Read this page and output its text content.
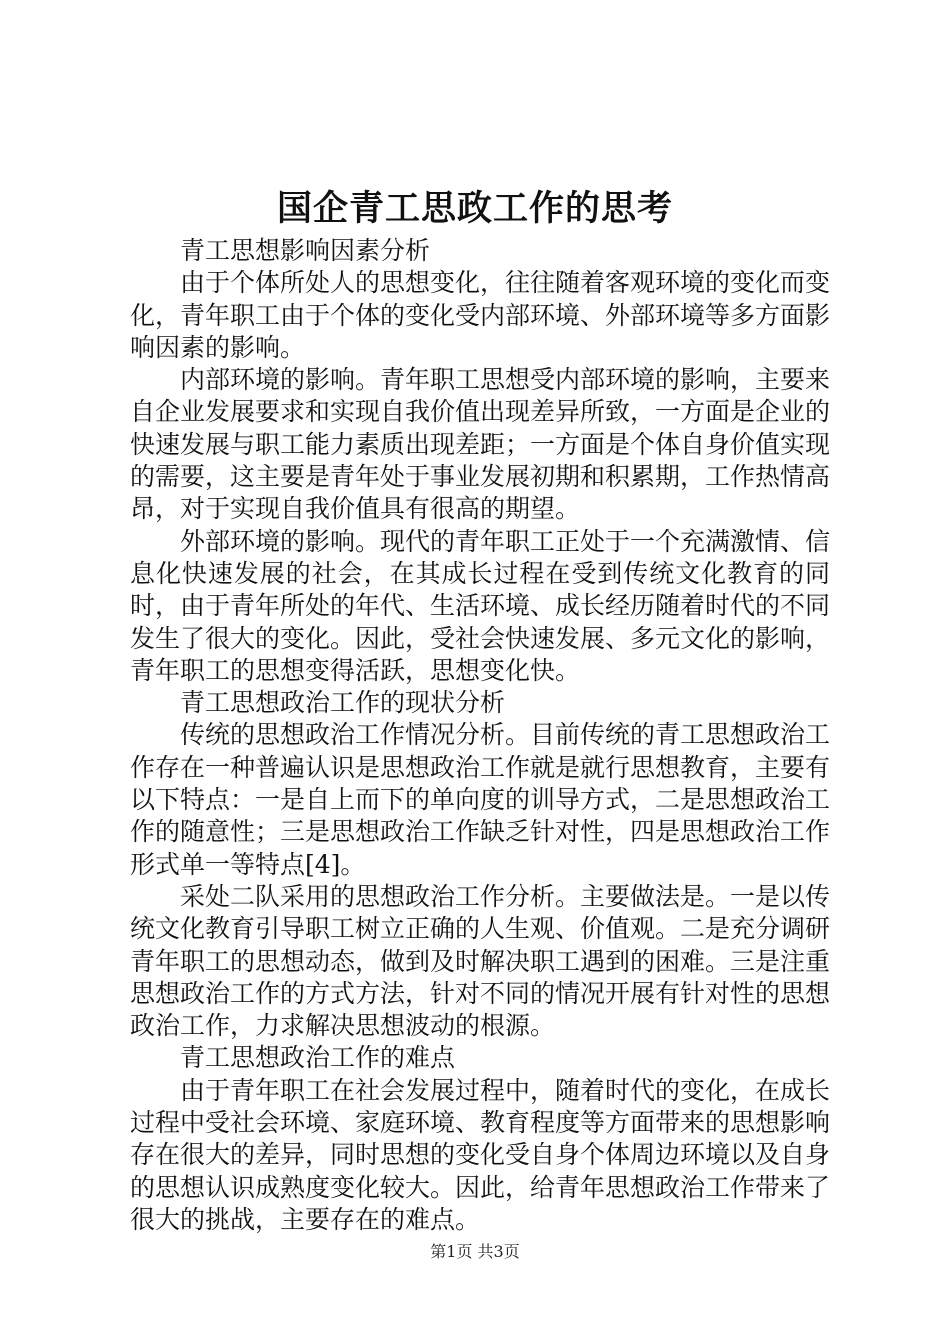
国企青工思政工作的思考

青工思想影响因素分析

由于个体所处人的思想变化，往往随着客观环境的变化而变化，青年职工由于个体的变化受内部环境、外部环境等多方面影响因素的影响。

内部环境的影响。青年职工思想受内部环境的影响，主要来自企业发展要求和实现自我价值出现差异所致，一方面是企业的快速发展与职工能力素质出现差距；一方面是个体自身价值实现的需要，这主要是青年处于事业发展初期和积累期，工作热情高昂，对于实现自我价值具有很高的期望。

外部环境的影响。现代的青年职工正处于一个充满激情、信息化快速发展的社会，在其成长过程在受到传统文化教育的同时，由于青年所处的年代、生活环境、成长经历随着时代的不同发生了很大的变化。因此，受社会快速发展、多元文化的影响，青年职工的思想变得活跃，思想变化快。

青工思想政治工作的现状分析

传统的思想政治工作情况分析。目前传统的青工思想政治工作存在一种普遍认识是思想政治工作就是就行思想教育，主要有以下特点：一是自上而下的单向度的训导方式，二是思想政治工作的随意性；三是思想政治工作缺乏针对性，四是思想政治工作形式单一等特点[4]。

采处二队采用的思想政治工作分析。主要做法是。一是以传统文化教育引导职工树立正确的人生观、价值观。二是充分调研青年职工的思想动态，做到及时解决职工遇到的困难。三是注重思想政治工作的方式方法，针对不同的情况开展有针对性的思想政治工作，力求解决思想波动的根源。

青工思想政治工作的难点

由于青年职工在社会发展过程中，随着时代的变化，在成长过程中受社会环境、家庭环境、教育程度等方面带来的思想影响存在很大的差异，同时思想的变化受自身个体周边环境以及自身的思想认识成熟度变化较大。因此，给青年思想政治工作带来了很大的挑战，主要存在的难点。

第1页 共3页
